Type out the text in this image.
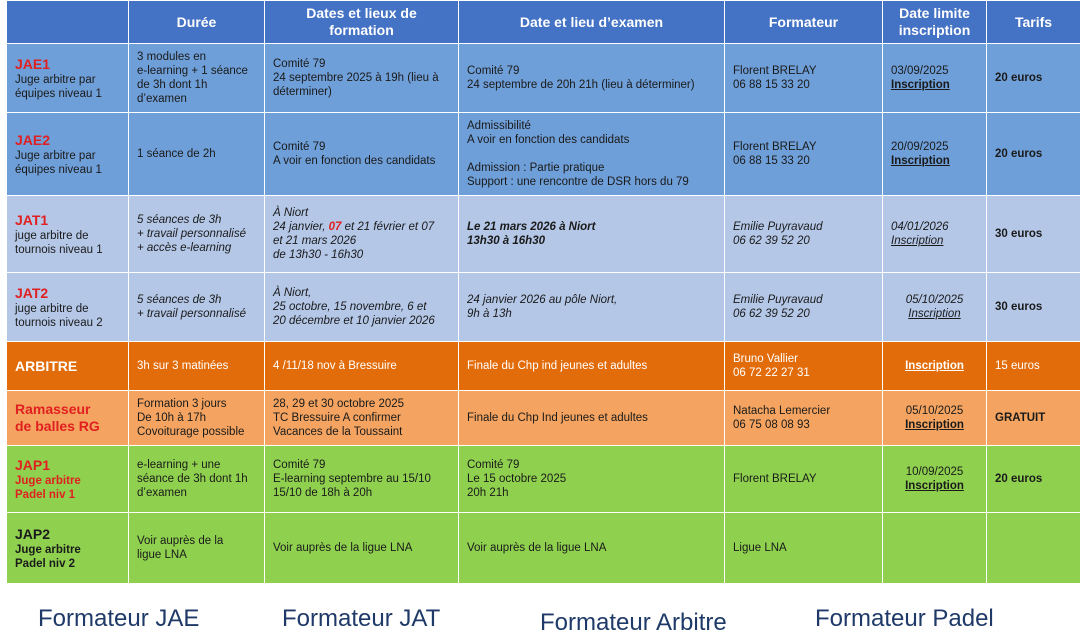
	Durée	Dates et lieux de
formation	Date et lieu d’examen	Formateur	Date limite
inscription	Tarifs

JAE1
Juge arbitre par
équipes niveau 1	3 modules en
e-learning + 1 séance
de 3h dont 1h
d’examen	Comité 79
24 septembre 2025 à 19h (lieu à
déterminer)	Comité 79
24 septembre de 20h 21h (lieu à déterminer)	Florent BRELAY
06 88 15 33 20	03/09/2025
Inscription	20 euros

JAE2
Juge arbitre par
équipes niveau 1	1 séance de 2h	Comité 79
A voir en fonction des candidats	Admissibilité
A voir en fonction des candidats

Admission : Partie pratique
Support : une rencontre de DSR hors du 79	Florent BRELAY
06 88 15 33 20	20/09/2025
Inscription	20 euros

JAT1
juge arbitre de
tournois niveau 1	5 séances de 3h
+ travail personnalisé
+ accès e-learning	À Niort
24 janvier, 07 et 21 février et 07
et 21 mars 2026
de 13h30 - 16h30	Le 21 mars 2026 à Niort
13h30 à 16h30	Emilie Puyravaud
06 62 39 52 20	04/01/2026
Inscription	30 euros

JAT2
juge arbitre de
tournois niveau 2	5 séances de 3h
+ travail personnalisé	À Niort,
25 octobre, 15 novembre, 6 et
20 décembre et 10 janvier 2026	24 janvier 2026 au pôle Niort,
9h à 13h	Emilie Puyravaud
06 62 39 52 20	05/10/2025
Inscription	30 euros

ARBITRE	3h sur 3 matinées	4 /11/18 nov à Bressuire	Finale du Chp ind jeunes et adultes	Bruno Vallier
06 72 22 27 31	Inscription	15 euros

Ramasseur
de balles RG	Formation 3 jours
De 10h à 17h
Covoiturage possible	28, 29 et 30 octobre 2025
TC Bressuire A confirmer
Vacances de la Toussaint	Finale du Chp Ind jeunes et adultes	Natacha Lemercier
06 75 08 08 93	05/10/2025
Inscription	GRATUIT

JAP1
Juge arbitre
Padel niv 1	e-learning + une
séance de 3h dont 1h
d’examen	Comité 79
E-learning septembre au 15/10
15/10 de 18h à 20h	Comité 79
Le 15 octobre 2025
20h 21h	Florent BRELAY	10/09/2025
Inscription	20 euros

JAP2
Juge arbitre
Padel niv 2	Voir auprès de la
ligue LNA	Voir auprès de la ligue LNA	Voir auprès de la ligue LNA	Ligue LNA		
Formateur JAE	Formateur JAT	Formateur Arbitre	Formateur Padel
